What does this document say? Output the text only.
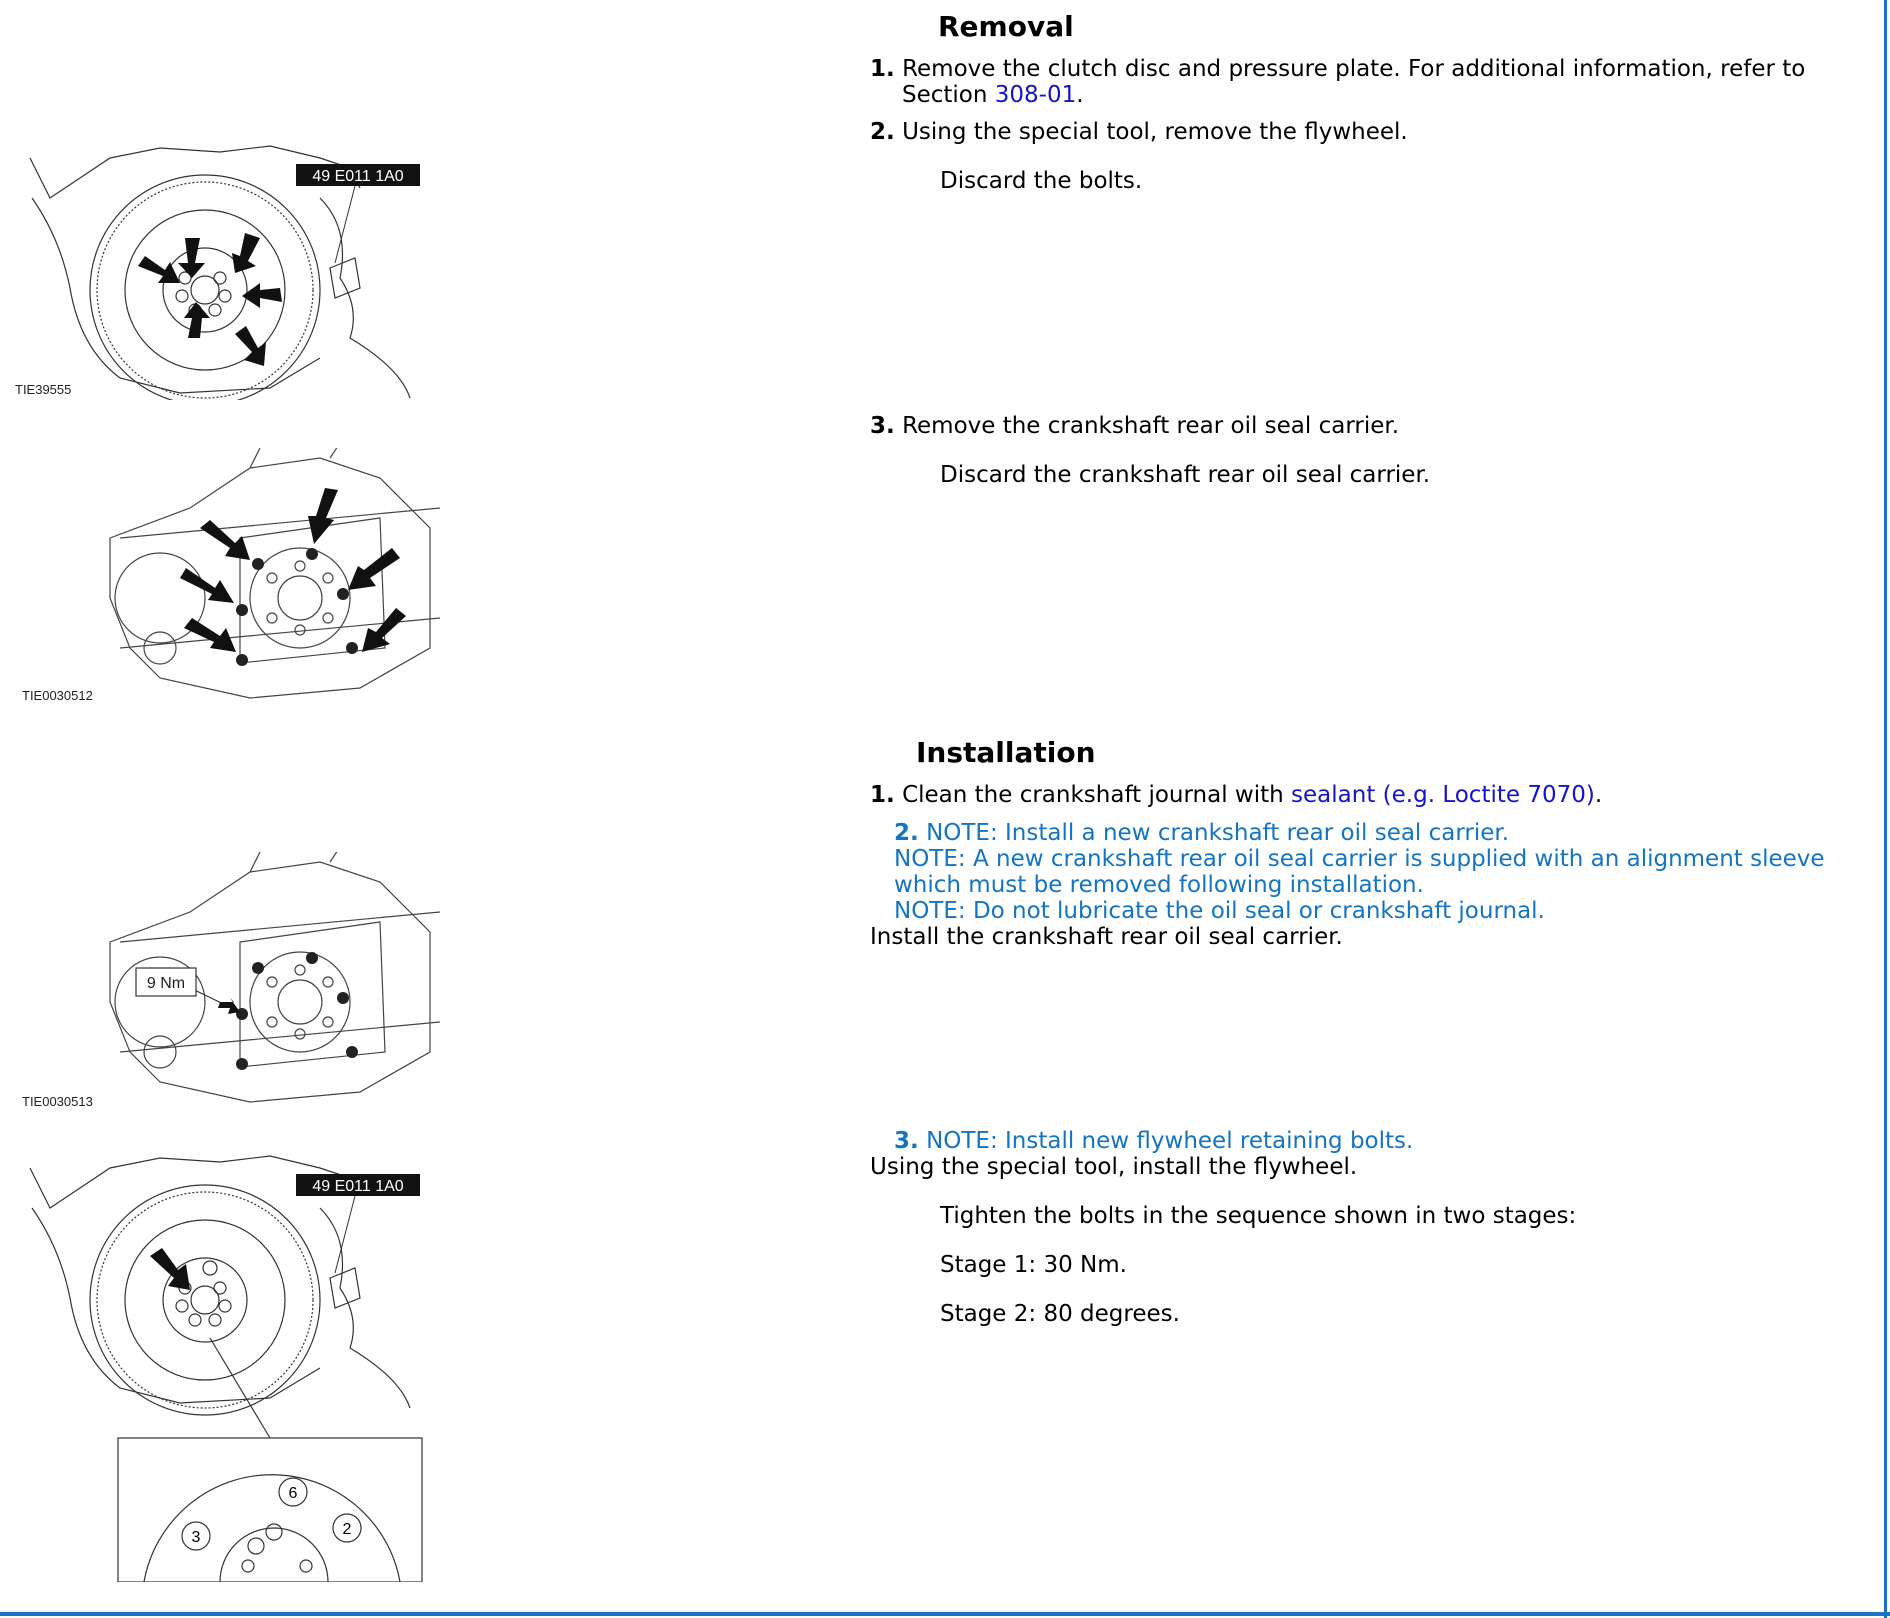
49 E011 1A0
TIE39555
TIE0030512
9 Nm
TIE0030513
49 E011 1A0
6
3	2
Removal
1. Remove the clutch disc and pressure plate. For additional information, refer to Section 308-01.
2. Using the special tool, remove the flywheel.
Discard the bolts.
3. Remove the crankshaft rear oil seal carrier.
Discard the crankshaft rear oil seal carrier.
Installation
1. Clean the crankshaft journal with sealant (e.g. Loctite 7070).
2. NOTE: Install a new crankshaft rear oil seal carrier.
NOTE: A new crankshaft rear oil seal carrier is supplied with an alignment sleeve
which must be removed following installation.
NOTE: Do not lubricate the oil seal or crankshaft journal.
Install the crankshaft rear oil seal carrier.
3. NOTE: Install new flywheel retaining bolts.
Using the special tool, install the flywheel.
Tighten the bolts in the sequence shown in two stages:
Stage 1: 30 Nm.
Stage 2: 80 degrees.
